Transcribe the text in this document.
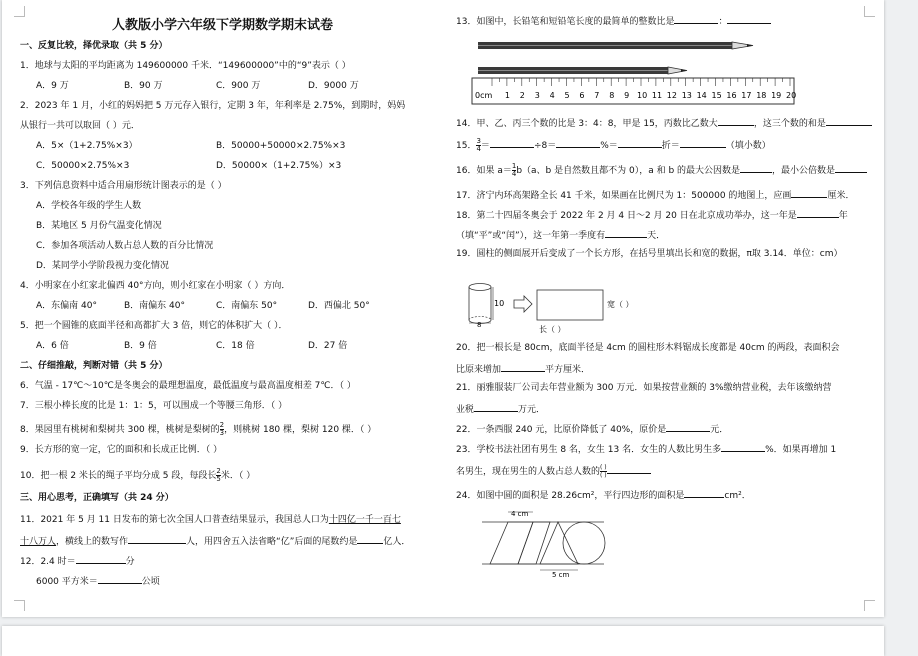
人教版小学六年级下学期数学期末试卷
一、反复比较，择优录取（共 5 分）
1．地球与太阳的平均距离为 149600000 千米．“149600000”中的“9”表示（ ）
A．9 万	B．90 万	C．900 万	D．9000 万
2．2023 年 1 月，小红的妈妈把 5 万元存入银行，定期 3 年，年利率是 2.75%，到期时，妈妈
从银行一共可以取回（ ）元．
A．5×（1+2.75%×3）	B．50000+50000×2.75%×3
C．50000×2.75%×3	D．50000×（1+2.75%）×3
3．下列信息资料中适合用扇形统计图表示的是（ ）
A．学校各年级的学生人数
B．某地区 5 月份气温变化情况
C．参加各项活动人数占总人数的百分比情况
D．某同学小学阶段视力变化情况
4．小明家在小红家北偏西 40°方向，则小红家在小明家（ ）方向．
A．东偏南 40°	B．南偏东 40°	C．南偏东 50°	D．西偏北 50°
5．把一个圆锥的底面半径和高都扩大 3 倍，则它的体积扩大（ ）．
A．6 倍	B．9 倍	C．18 倍	D．27 倍
二、仔细推敲，判断对错（共 5 分）
6．气温 - 17℃～10℃是冬奥会的最理想温度，最低温度与最高温度相差 7℃．（ ）
7．三根小棒长度的比是 1：1：5，可以围成一个等腰三角形．（ ）
8．果园里有桃树和梨树共 300 棵，桃树是梨树的 $\frac{2}{3}$ ，则桃树 180 棵，梨树 120 棵．（ ）
9．长方形的宽一定，它的面积和长成正比例．（ ）
10．把一根 2 米长的绳子平均分成 5 段，每段长 $\frac{2}{5}$ 米．（ ）
三、用心思考，正确填写（共 24 分）
11．2021 年 5 月 11 日发布的第七次全国人口普查结果显示，我国总人口为十四亿一千一百七
十八万人，横线上的数写作	人，用四舍五入法省略“亿”后面的尾数约是	亿人．
12．2.4 时＝	分
6000 平方米＝	公顷
13．如图中，长铅笔和短铅笔长度的最简单的整数比是	：
0cm 1 2 3 4 5 6 7 8 9 10 11 12 13 14 15 16 17 18 19 20
14．甲、乙、丙三个数的比是 3：4：8，甲是 15，丙数比乙数大	，这三个数的和是
15． $\frac{3}{4}$ ＝	÷8＝	%＝	折＝	（填小数）
16．如果 $a= \frac{1}{4} b(a$、b 是自然数且都不为 0），a 和 b 的最大公因数是	，最小公倍数是
17．济宁内环高架路全长 41 千米，如果画在比例尺为 1：500000 的地图上，应画	厘米．
18．第二十四届冬奥会于 2022 年 2 月 4 日～2 月 20 日在北京成功举办，这一年是	年
（填“平”或“闰”），这一年第一季度有	天．
19．圆柱的侧面展开后变成了一个长方形，在括号里填出长和宽的数据，π取 3.14．单位：cm）
8
10	宽（ ）
长（ ）
20．把一根长是 80cm，底面半径是 4cm 的圆柱形木料锯成长度都是 40cm 的两段，表面积会
比原来增加	平方厘米．
21．丽雅服装厂公司去年营业额为 300 万元．如果按营业额的 3%缴纳营业税，去年该缴纳营
业税	万元．
22．一条西服 240 元，比原价降低了 40%，原价是	元．
23．学校书法社团有男生 8 名，女生 13 名．女生的人数比男生多	%．如果再增加 1
名男生，现在男生的人数占总人数的 ( )
( )
24．如图中圆的面积是 28.26cm²，平行四边形的面积是	cm²．
4 cm
5 cm
